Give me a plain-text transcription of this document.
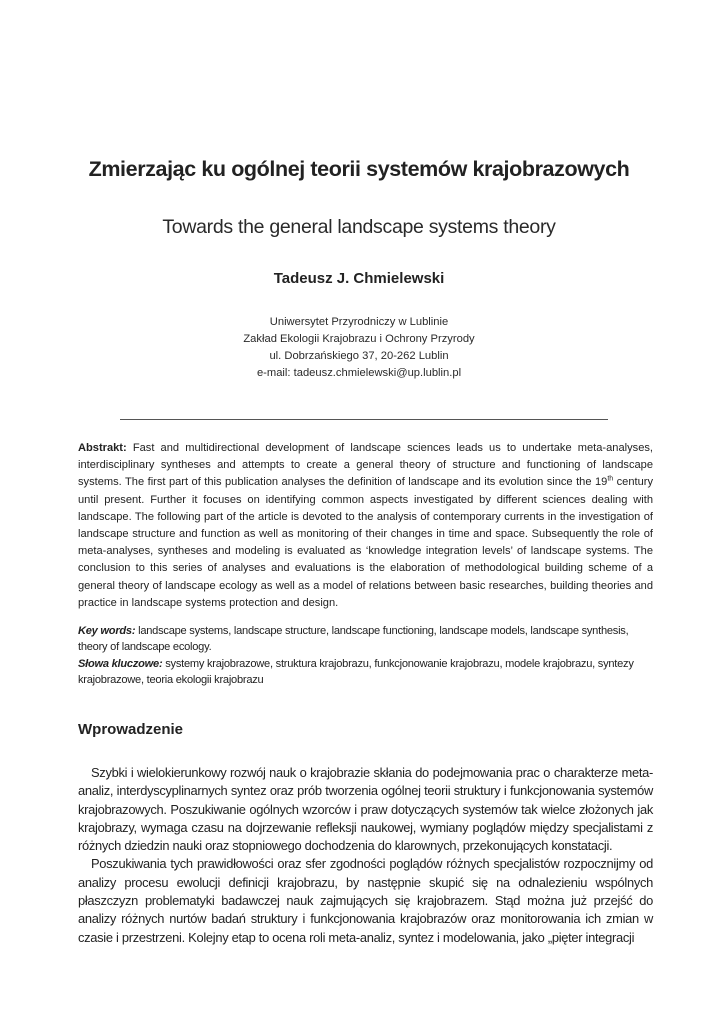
Zmierzając ku ogólnej teorii systemów krajobrazowych
Towards the general landscape systems theory
Tadeusz J. Chmielewski
Uniwersytet Przyrodniczy w Lublinie
Zakład Ekologii Krajobrazu i Ochrony Przyrody
ul. Dobrzańskiego 37, 20-262 Lublin
e-mail: tadeusz.chmielewski@up.lublin.pl
Abstrakt: Fast and multidirectional development of landscape sciences leads us to undertake meta-analyses, interdisciplinary syntheses and attempts to create a general theory of structure and functioning of landscape systems. The first part of this publication analyses the definition of landscape and its evolution since the 19th century until present. Further it focuses on identifying common aspects investigated by different sciences dealing with landscape. The following part of the article is devoted to the analysis of contemporary currents in the investigation of landscape structure and function as well as monitoring of their changes in time and space. Subsequently the role of meta-analyses, syntheses and modeling is evaluated as ‘knowledge integration levels’ of landscape systems. The conclusion to this series of analyses and evaluations is the elaboration of methodological building scheme of a general theory of landscape ecology as well as a model of relations between basic researches, building theories and practice in landscape systems protection and design.
Key words: landscape systems, landscape structure, landscape functioning, landscape models, landscape synthesis, theory of landscape ecology.
Słowa kluczowe: systemy krajobrazowe, struktura krajobrazu, funkcjonowanie krajobrazu, modele krajobrazu, syntezy krajobrazowe, teoria ekologii krajobrazu
Wprowadzenie

Szybki i wielokierunkowy rozwój nauk o krajobrazie skłania do podejmowania prac o charakterze meta-analiz, interdyscyplinarnych syntez oraz prób tworzenia ogólnej teorii struktury i funkcjonowania systemów krajobrazowych. Poszukiwanie ogólnych wzorców i praw dotyczących systemów tak wielce złożonych jak krajobrazy, wymaga czasu na dojrzewanie refleksji naukowej, wymiany poglądów między specjalistami z różnych dziedzin nauki oraz stopniowego dochodzenia do klarownych, przekonujących konstatacji.

Poszukiwania tych prawidłowości oraz sfer zgodności poglądów różnych specjalistów rozpocznijmy od analizy procesu ewolucji definicji krajobrazu, by następnie skupić się na odnalezieniu wspólnych płaszczyzn problematyki badawczej nauk zajmujących się krajobrazem. Stąd można już przejść do analizy różnych nurtów badań struktury i funkcjonowania krajobrazów oraz monitorowania ich zmian w czasie i przestrzeni. Kolejny etap to ocena roli meta-analiz, syntez i modelowania, jako „pięter integracji
